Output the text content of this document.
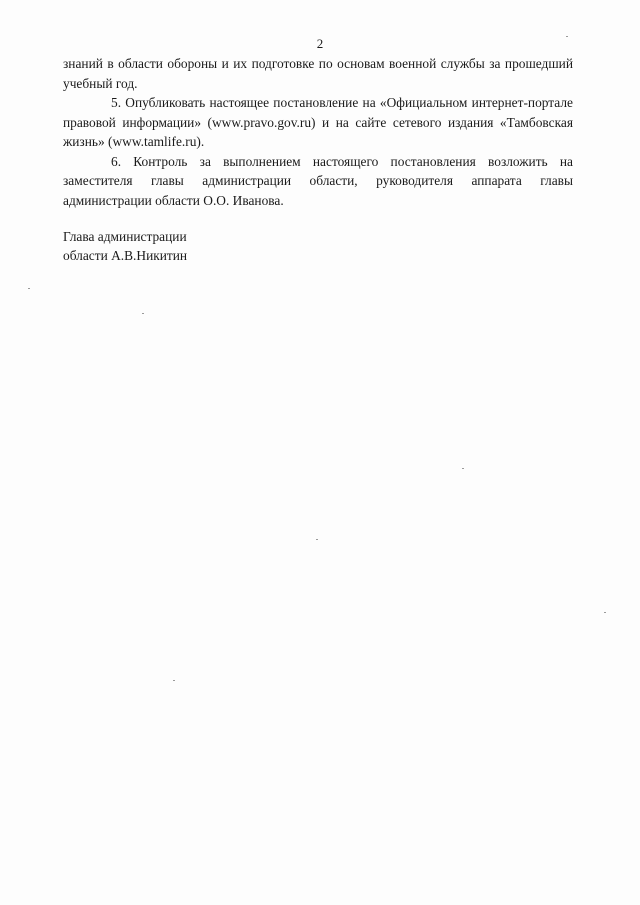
2

знаний в области обороны и их подготовке по основам военной службы за прошедший учебный год.

5. Опубликовать настоящее постановление на «Официальном интернет-портале правовой информации» (www.pravo.gov.ru) и на сайте сетевого издания «Тамбовская жизнь» (www.tamlife.ru).

6. Контроль за выполнением настоящего постановления возложить на заместителя главы администрации области, руководителя аппарата главы администрации области О.О. Иванова.

Глава администрации
области А.В.Никитин
